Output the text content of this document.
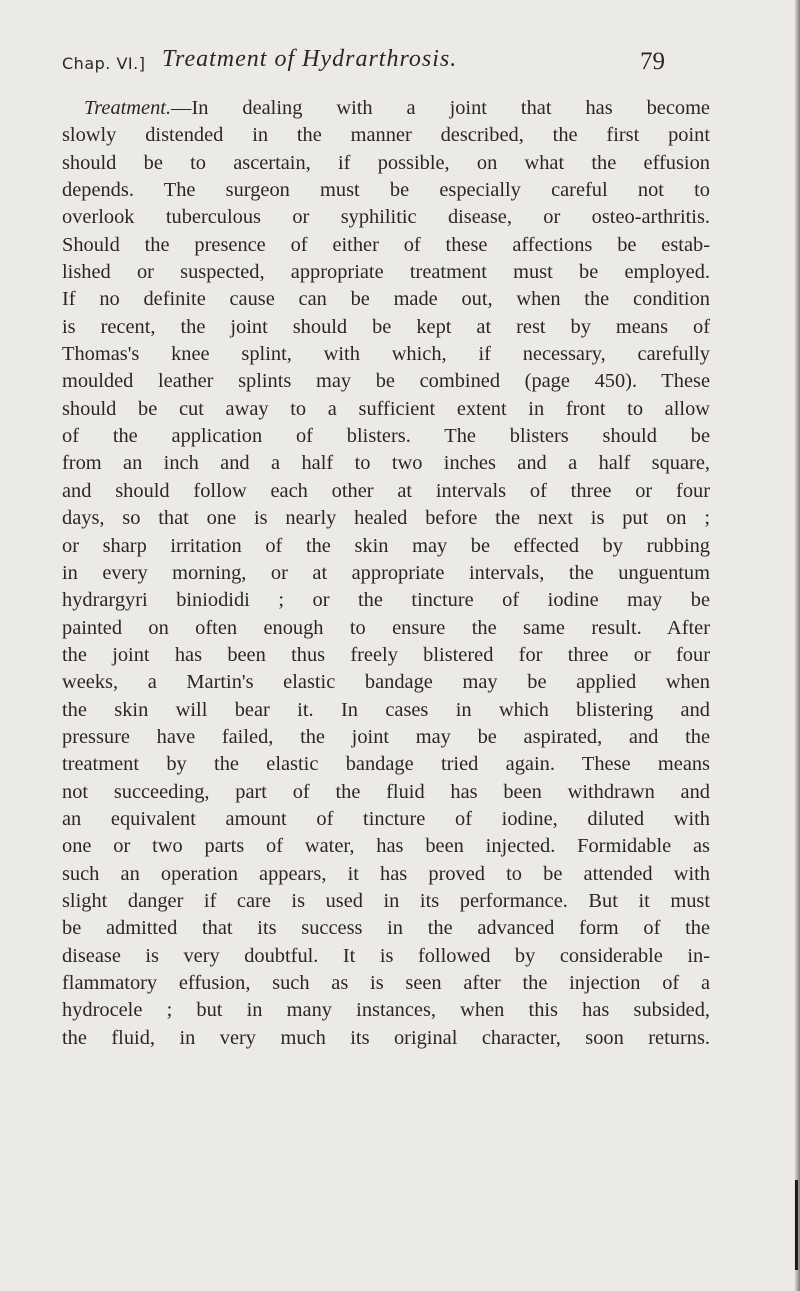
Chap. VI.] Treatment of Hydrarthrosis.	79
Treatment.—In dealing with a joint that has become
slowly distended in the manner described, the first point
should be to ascertain, if possible, on what the effusion
depends. The surgeon must be especially careful not to
overlook tuberculous or syphilitic disease, or osteo-arthritis.
Should the presence of either of these affections be estab-
lished or suspected, appropriate treatment must be employed.
If no definite cause can be made out, when the condition
is recent, the joint should be kept at rest by means of
Thomas's knee splint, with which, if necessary, carefully
moulded leather splints may be combined (page 450). These
should be cut away to a sufficient extent in front to allow
of the application of blisters. The blisters should be
from an inch and a half to two inches and a half square,
and should follow each other at intervals of three or four
days, so that one is nearly healed before the next is put on ;
or sharp irritation of the skin may be effected by rubbing
in every morning, or at appropriate intervals, the unguentum
hydrargyri biniodidi ; or the tincture of iodine may be
painted on often enough to ensure the same result. After
the joint has been thus freely blistered for three or four
weeks, a Martin's elastic bandage may be applied when
the skin will bear it. In cases in which blistering and
pressure have failed, the joint may be aspirated, and the
treatment by the elastic bandage tried again. These means
not succeeding, part of the fluid has been withdrawn and
an equivalent amount of tincture of iodine, diluted with
one or two parts of water, has been injected. Formidable as
such an operation appears, it has proved to be attended with
slight danger if care is used in its performance. But it must
be admitted that its success in the advanced form of the
disease is very doubtful. It is followed by considerable in-
flammatory effusion, such as is seen after the injection of a
hydrocele ; but in many instances, when this has subsided,
the fluid, in very much its original character, soon returns.
